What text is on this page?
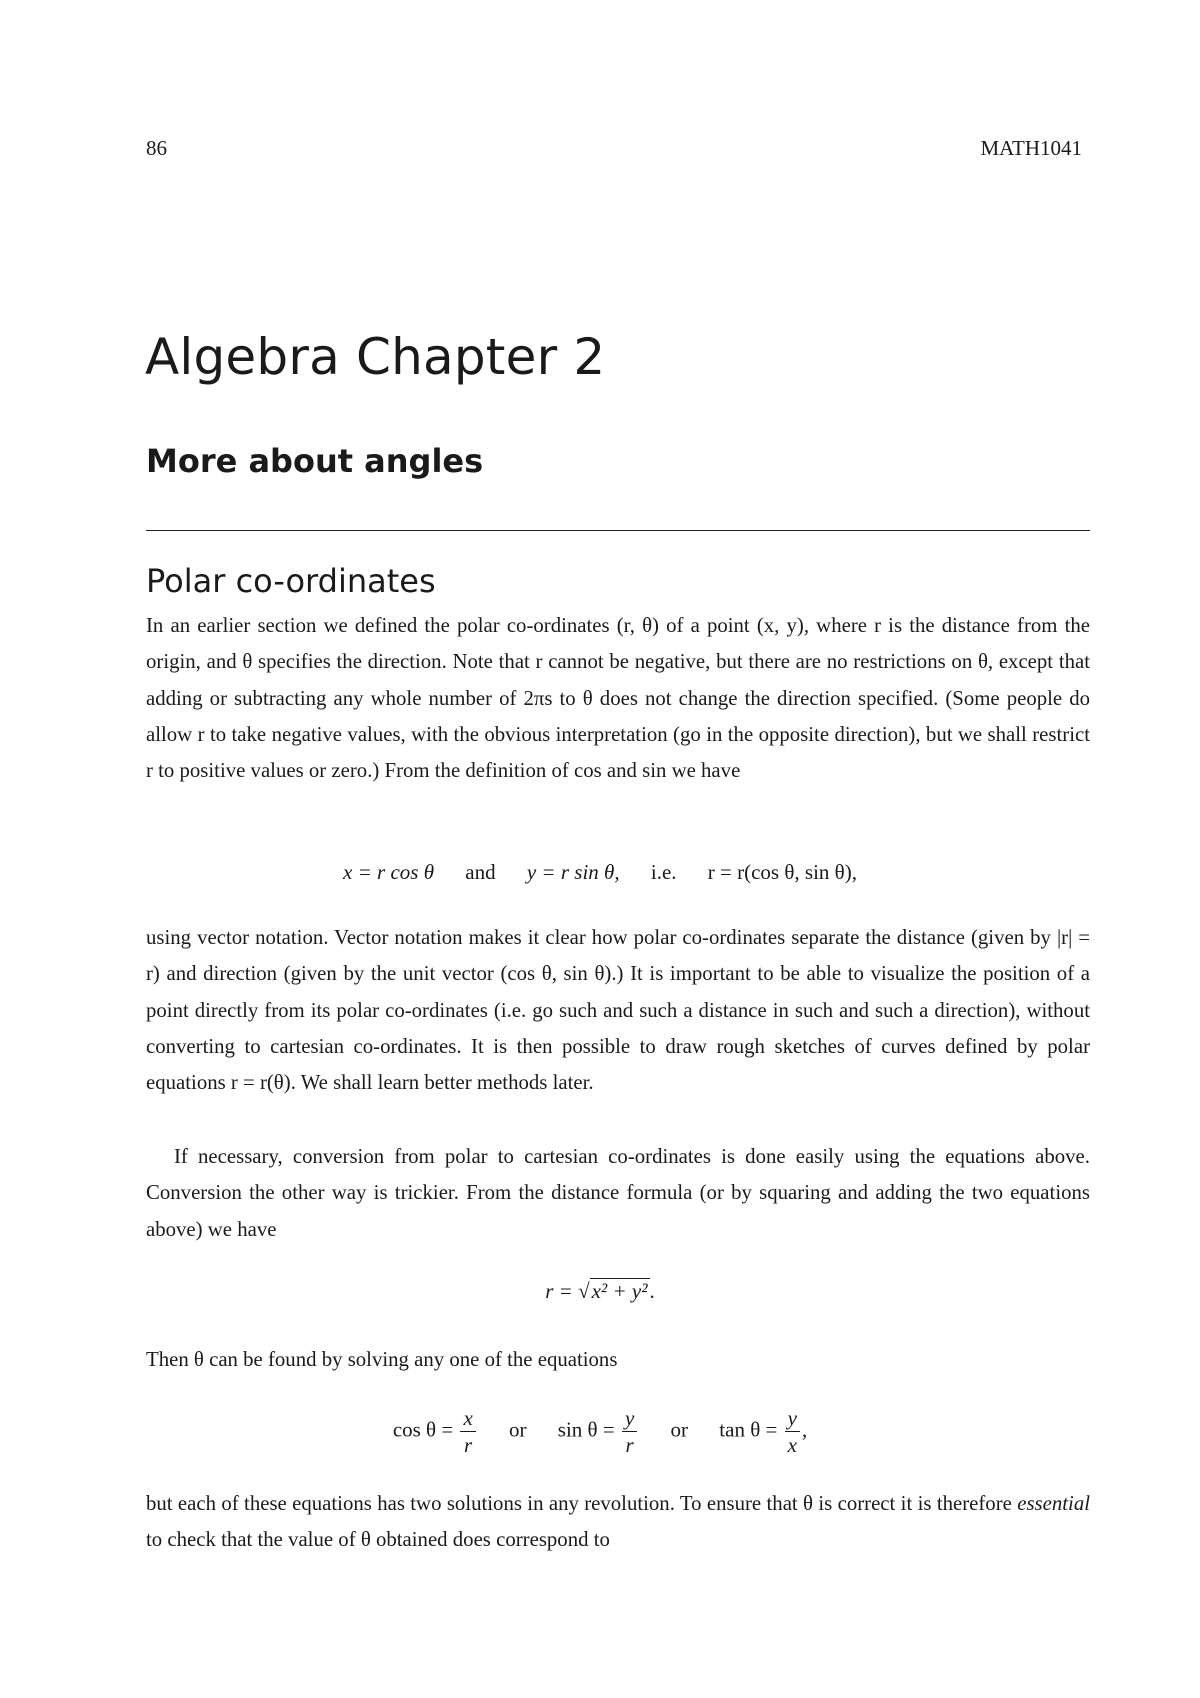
86	MATH1041
Algebra Chapter 2
More about angles
Polar co-ordinates

In an earlier section we defined the polar co-ordinates (r, θ) of a point (x, y), where r is the distance from the origin, and θ specifies the direction. Note that r cannot be negative, but there are no restrictions on θ, except that adding or subtracting any whole number of 2πs to θ does not change the direction specified. (Some people do allow r to take negative values, with the obvious interpretation (go in the opposite direction), but we shall restrict r to positive values or zero.) From the definition of cos and sin we have

x = r cos θ and y = r sin θ, i.e. r = r(cos θ, sin θ),

using vector notation. Vector notation makes it clear how polar co-ordinates separate the distance (given by |r| = r) and direction (given by the unit vector (cos θ, sin θ).) It is important to be able to visualize the position of a point directly from its polar co-ordinates (i.e. go such and such a distance in such and such a direction), without converting to cartesian co-ordinates. It is then possible to draw rough sketches of curves defined by polar equations r = r(θ). We shall learn better methods later.

If necessary, conversion from polar to cartesian co-ordinates is done easily using the equations above. Conversion the other way is trickier. From the distance formula (or by squaring and adding the two equations above) we have

r = √x² + y².

Then θ can be found by solving any one of the equations

$\cos \theta = \frac{x}{r}$ or $\sin \theta = \frac{y}{r}$ or $\tan \theta = \frac{y}{x}$ ,

but each of these equations has two solutions in any revolution. To ensure that θ is correct it is therefore essential to check that the value of θ obtained does correspond to
